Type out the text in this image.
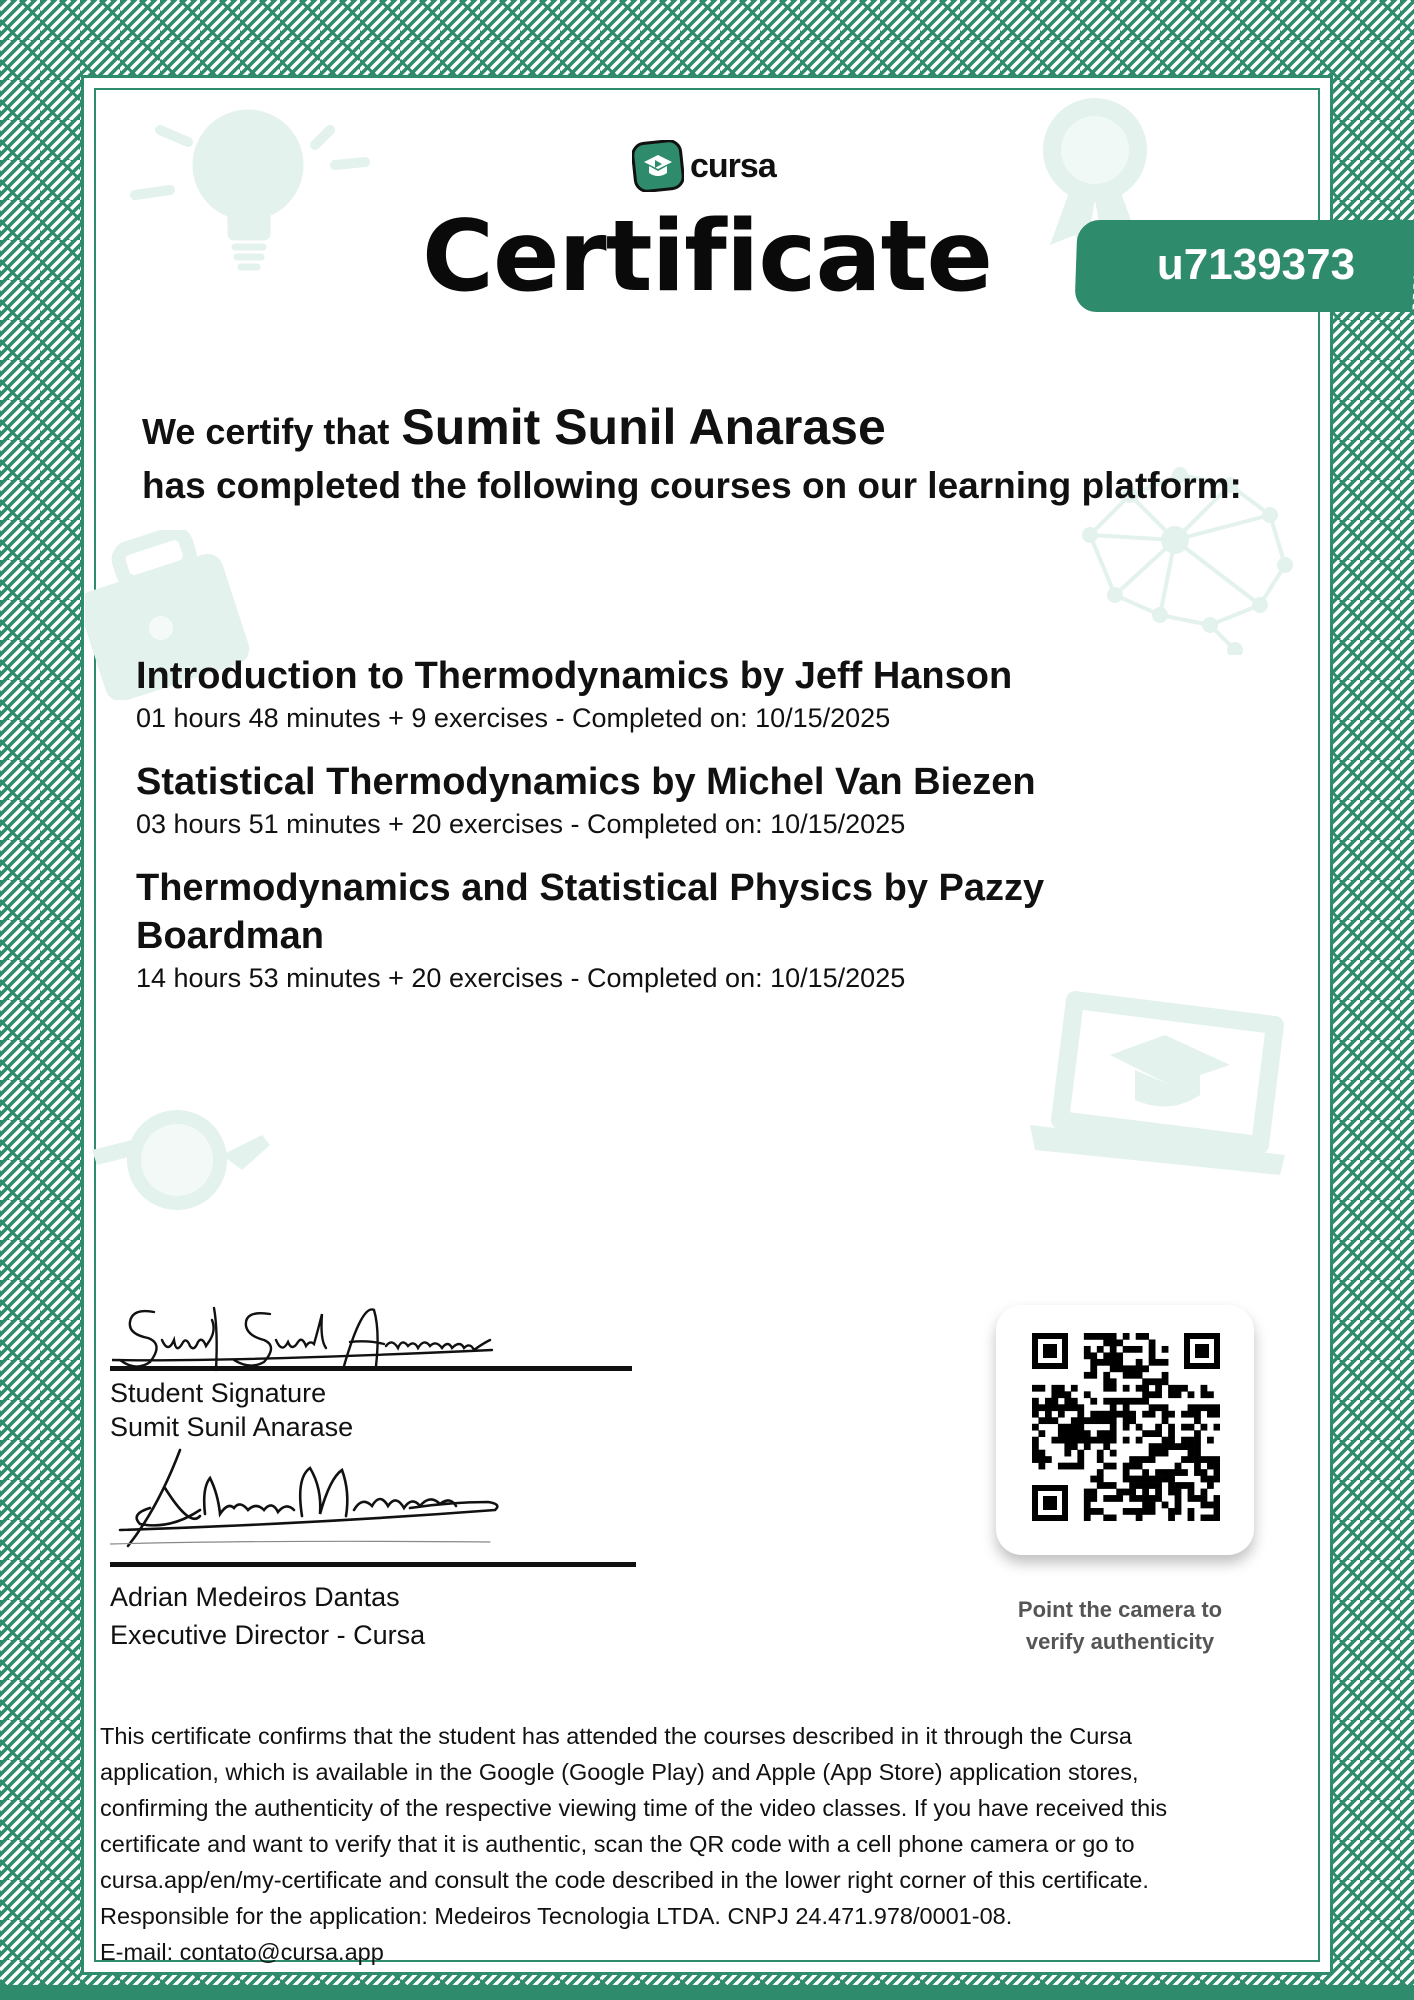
cursa
Certificate	u7139373
We certify that Sumit Sunil Anarase
has completed the following courses on our learning platform:
Introduction to Thermodynamics by Jeff Hanson
01 hours 48 minutes + 9 exercises - Completed on: 10/15/2025
Statistical Thermodynamics by Michel Van Biezen
03 hours 51 minutes + 20 exercises - Completed on: 10/15/2025
Thermodynamics and Statistical Physics by Pazzy Boardman
14 hours 53 minutes + 20 exercises - Completed on: 10/15/2025
Student Signature
Sumit Sunil Anarase
Adrian Medeiros Dantas
Executive Director - Cursa
Point the camera to
verify authenticity

This certificate confirms that the student has attended the courses described in it through the Cursa

application, which is available in the Google (Google Play) and Apple (App Store) application stores,

confirming the authenticity of the respective viewing time of the video classes. If you have received this

certificate and want to verify that it is authentic, scan the QR code with a cell phone camera or go to

cursa.app/en/my-certificate and consult the code described in the lower right corner of this certificate.

Responsible for the application: Medeiros Tecnologia LTDA. CNPJ 24.471.978/0001-08.

E-mail: contato@cursa.app
